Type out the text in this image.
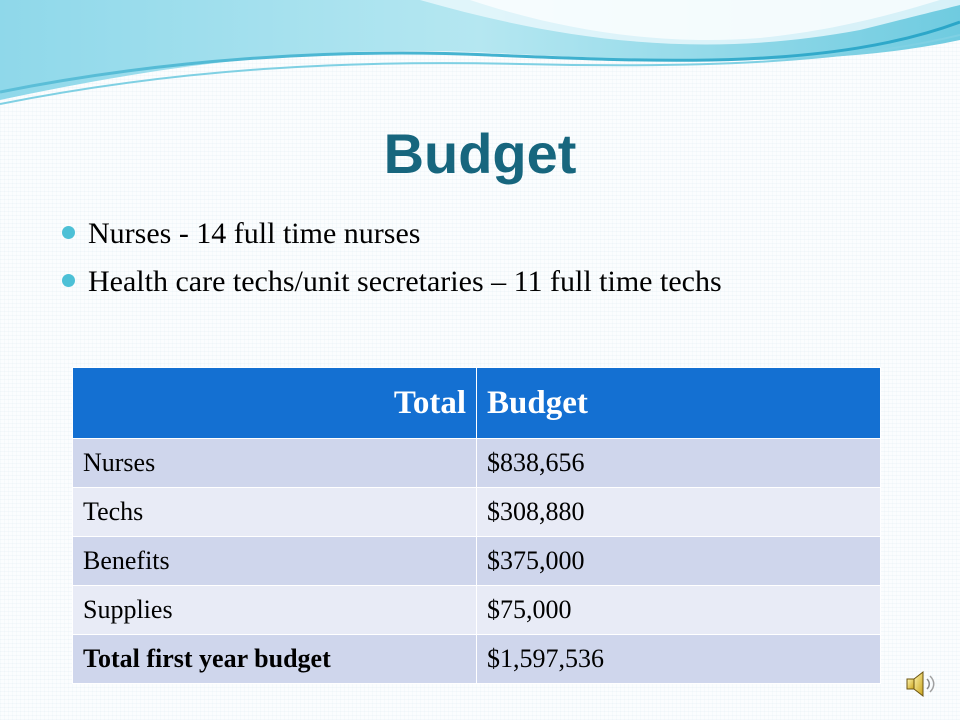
Budget
Nurses - 14 full time nurses
Health care techs/unit secretaries – 11 full time techs
Total	Budget
Nurses	$838,656
Techs	$308,880
Benefits	$375,000
Supplies	$75,000
Total first year budget	$1,597,536
